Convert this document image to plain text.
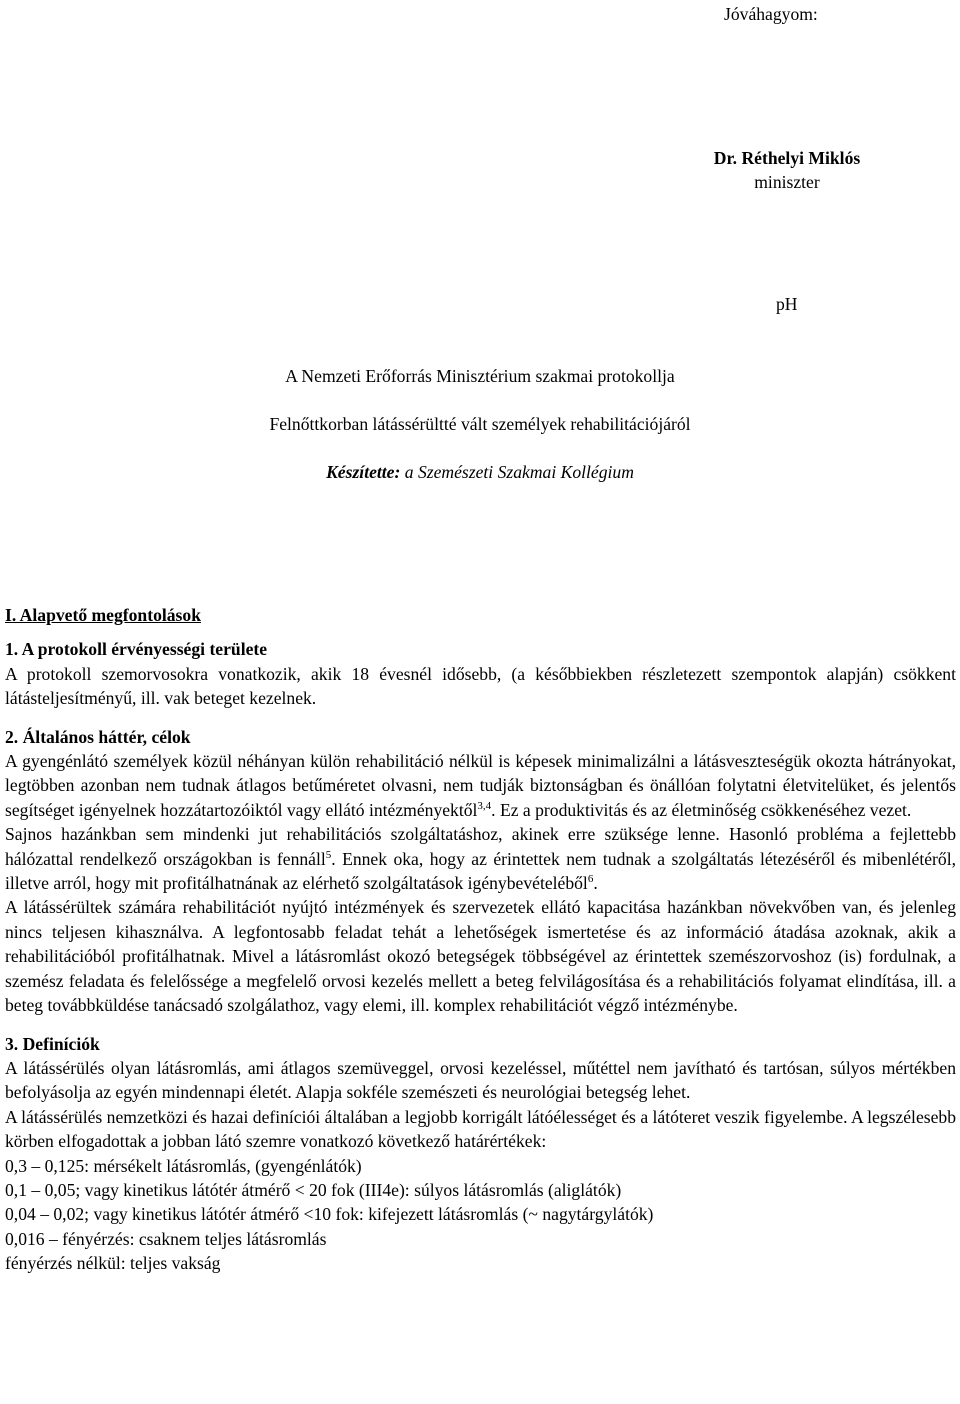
Jóváhagyom:
Dr. Réthelyi Miklós
miniszter
pH
A Nemzeti Erőforrás Minisztérium szakmai protokollja
Felnőttkorban látássérültté vált személyek rehabilitációjáról
Készítette: a Szemészeti Szakmai Kollégium
I. Alapvető megfontolások
1. A protokoll érvényességi területe

A protokoll szemorvosokra vonatkozik, akik 18 évesnél idősebb, (a későbbiekben részletezett szempontok alapján) csökkent látásteljesítményű, ill. vak beteget kezelnek.

2. Általános háttér, célok

A gyengénlátó személyek közül néhányan külön rehabilitáció nélkül is képesek minimalizálni a látásveszteségük okozta hátrányokat, legtöbben azonban nem tudnak átlagos betűméretet olvasni, nem tudják biztonságban és önállóan folytatni életvitelüket, és jelentős segítséget igényelnek hozzátartozóiktól vagy ellátó intézményektől$^{3,4}$. Ez a produktivitás és az életminőség csökkenéséhez vezet.

Sajnos hazánkban sem mindenki jut rehabilitációs szolgáltatáshoz, akinek erre szüksége lenne. Hasonló probléma a fejlettebb hálózattal rendelkező országokban is fennáll$^5$. Ennek oka, hogy az érintettek nem tudnak a szolgáltatás létezéséről és mibenlétéről, illetve arról, hogy mit profitálhatnának az elérhető szolgáltatások igénybevételéből$^6$.

A látássérültek számára rehabilitációt nyújtó intézmények és szervezetek ellátó kapacitása hazánkban növekvőben van, és jelenleg nincs teljesen kihasználva. A legfontosabb feladat tehát a lehetőségek ismertetése és az információ átadása azoknak, akik a rehabilitációból profitálhatnak. Mivel a látásromlást okozó betegségek többségével az érintettek szemészorvoshoz (is) fordulnak, a szemész feladata és felelőssége a megfelelő orvosi kezelés mellett a beteg felvilágosítása és a rehabilitációs folyamat elindítása, ill. a beteg továbbküldése tanácsadó szolgálathoz, vagy elemi, ill. komplex rehabilitációt végző intézménybe.

3. Definíciók

A látássérülés olyan látásromlás, ami átlagos szemüveggel, orvosi kezeléssel, műtéttel nem javítható és tartósan, súlyos mértékben befolyásolja az egyén mindennapi életét. Alapja sokféle szemészeti és neurológiai betegség lehet.

A látássérülés nemzetközi és hazai definíciói általában a legjobb korrigált látóélességet és a látóteret veszik figyelembe. A legszélesebb körben elfogadottak a jobban látó szemre vonatkozó következő határértékek:

0,3 – 0,125: mérsékelt látásromlás, (gyengénlátók)
0,1 – 0,05; vagy kinetikus látótér átmérő < 20 fok (III4e): súlyos látásromlás (aliglátók)
0,04 – 0,02; vagy kinetikus látótér átmérő <10 fok: kifejezett látásromlás (~ nagytárgylátók)
0,016 – fényérzés: csaknem teljes látásromlás
fényérzés nélkül: teljes vakság
